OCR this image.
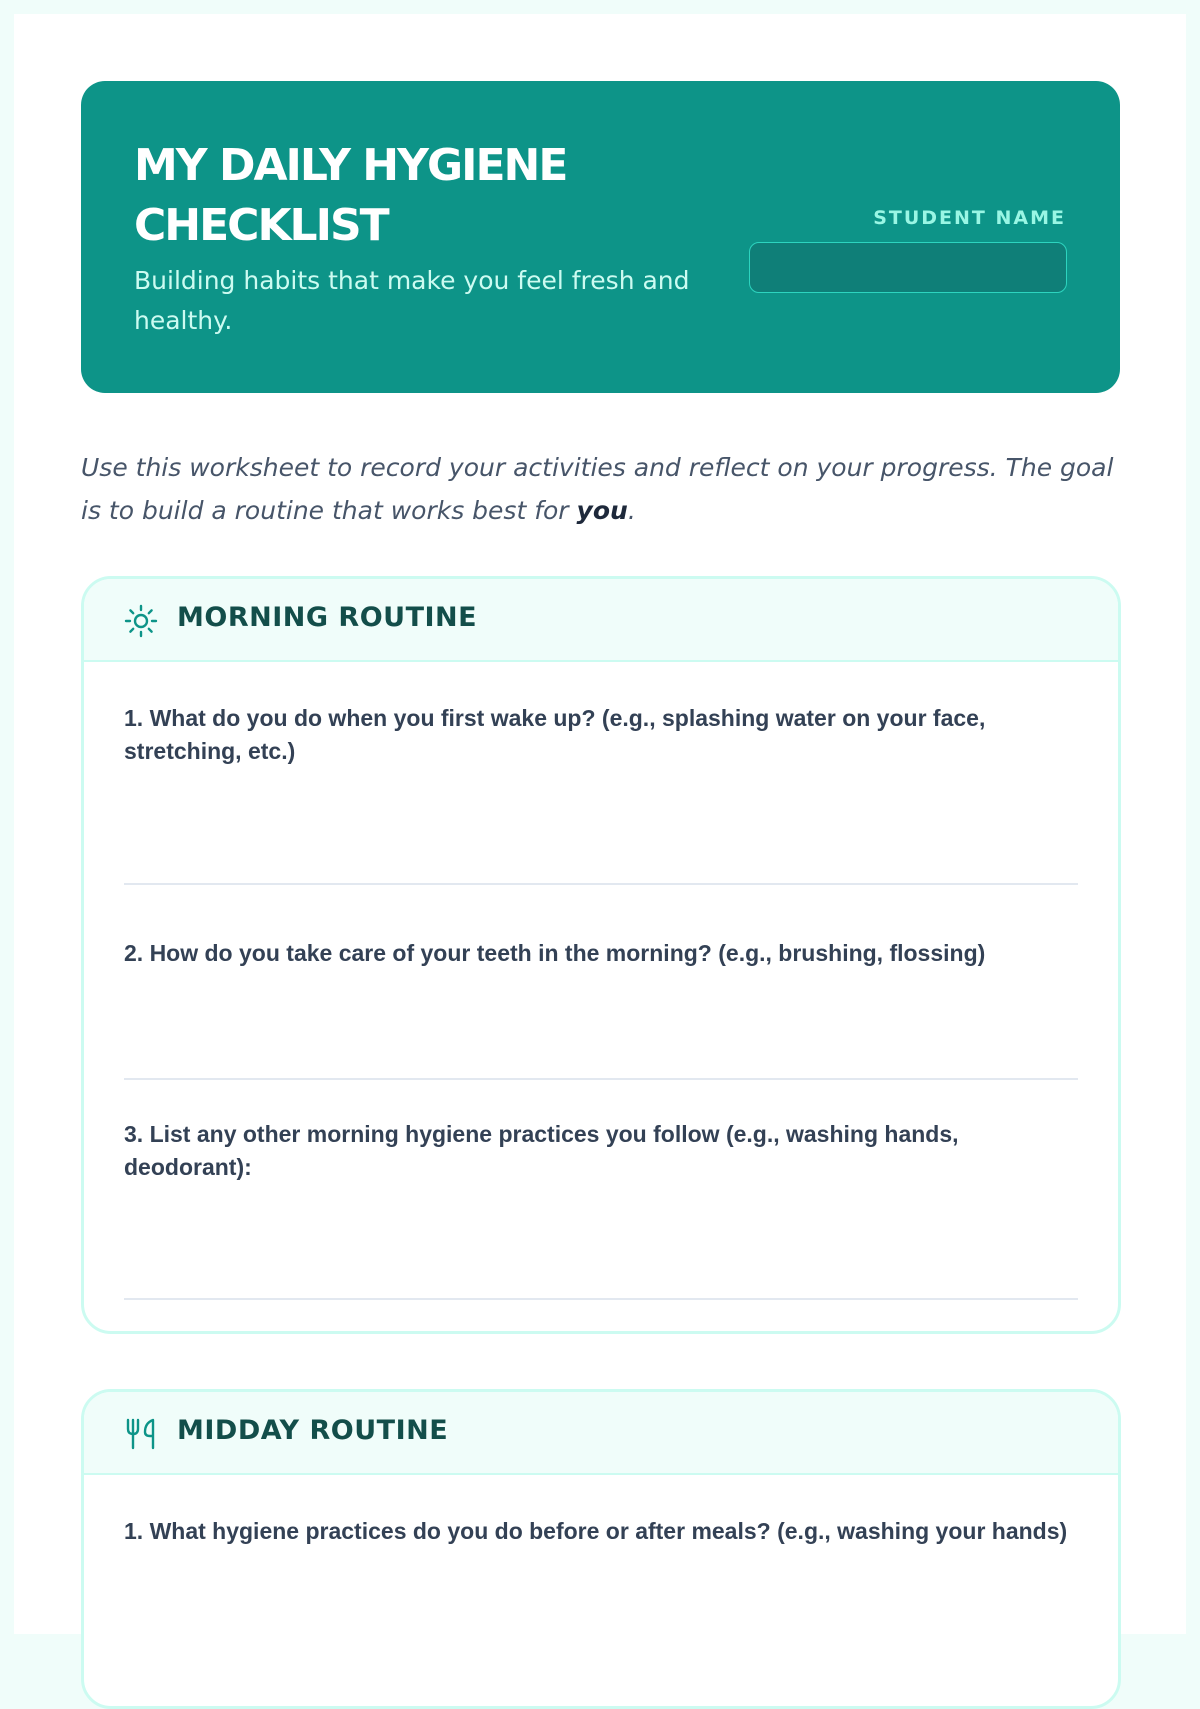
MY DAILY HYGIENE CHECKLIST

Building habits that make you feel fresh and healthy.

STUDENT NAME

Use this worksheet to record your activities and reflect on your progress. The goal is to build a routine that works best for you.

MORNING ROUTINE

1. What do you do when you first wake up? (e.g., splashing water on your face, stretching, etc.)

2. How do you take care of your teeth in the morning? (e.g., brushing, flossing)

3. List any other morning hygiene practices you follow (e.g., washing hands, deodorant):

MIDDAY ROUTINE

1. What hygiene practices do you do before or after meals? (e.g., washing your hands)
